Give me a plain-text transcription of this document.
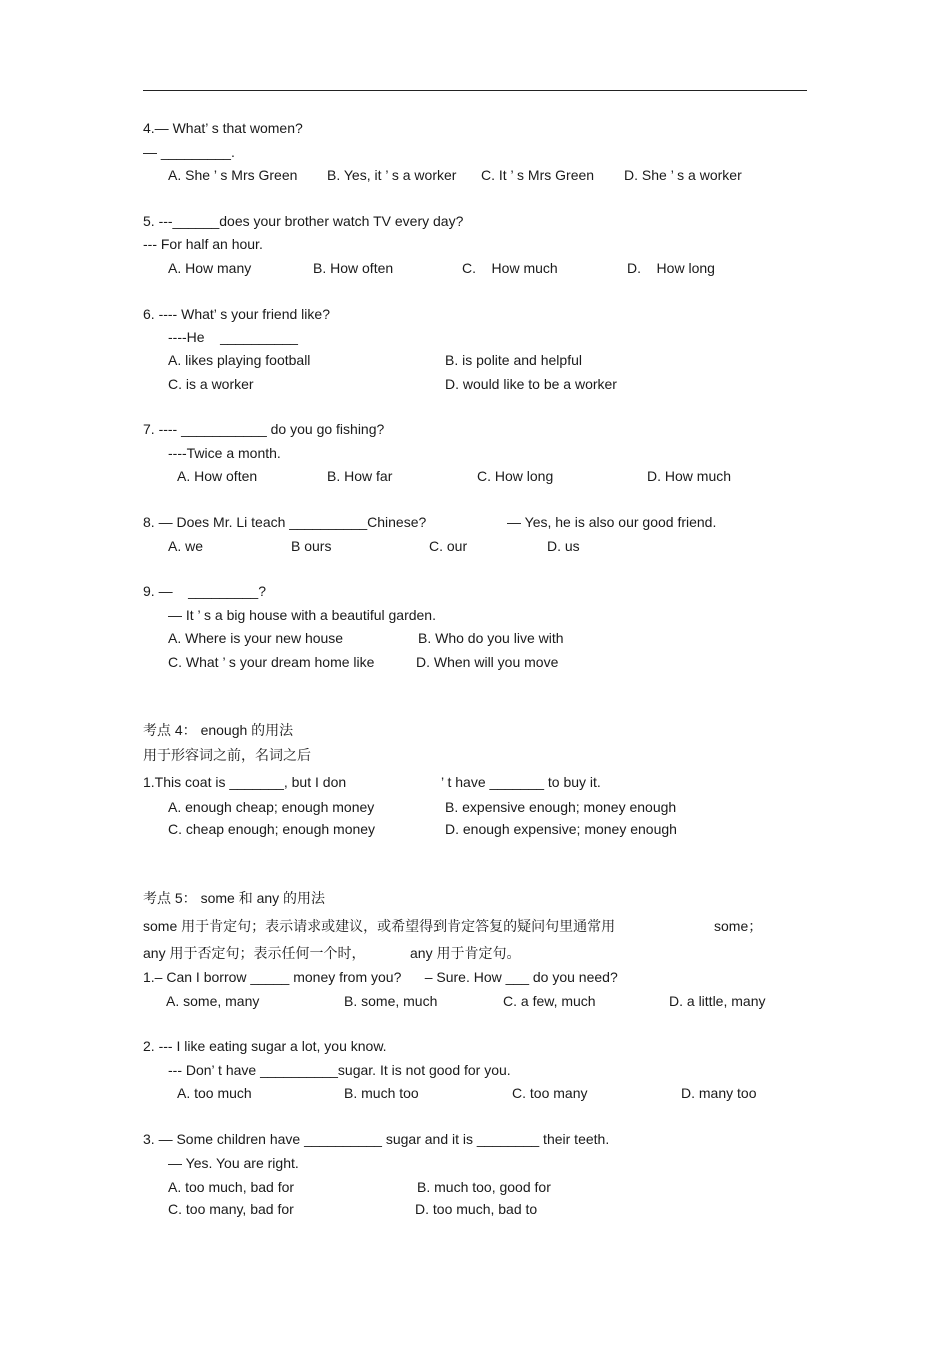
4.— What’ s that women?
— _________.
A. She ’ s Mrs Green B. Yes, it ’ s a worker C. It ’ s Mrs Green D. She ’ s a worker
5. ---______does your brother watch TV every day?
--- For half an hour.
A. How many	B. How often	C.    How much	D.    How long
6. ---- What’ s your friend like?
----He    __________
A. likes playing football	B. is polite and helpful
C. is a worker	D. would like to be a worker
7. ---- ___________ do you go fishing?
----Twice a month.
A. How often	B. How far	C. How long	D. How much
8. — Does Mr. Li teach __________Chinese?	— Yes, he is also our good friend.
A. we	B ours	C. our	D. us
9. —    _________?
— It ’ s a big house with a beautiful garden.
A. Where is your new house	B. Who do you live with
C. What ’ s your dream home like	D. When will you move
考点 4： enough 的用法
用于形容词之前，名词之后
1.This coat is _______, but I don	’ t have _______ to buy it.
A. enough cheap; enough money	B. expensive enough; money enough
C. cheap enough; enough money	D. enough expensive; money enough
考点 5： some 和 any 的用法
some 用于肯定句；表示请求或建议，或希望得到肯定答复的疑问句里通常用	some；
any 用于否定句；表示任何一个时，	any 用于肯定句。
1.– Can I borrow _____ money from you?      – Sure. How ___ do you need?
A. some, many	B. some, much	C. a few, much	D. a little, many
2. --- I like eating sugar a lot, you know.
--- Don’ t have __________sugar. It is not good for you.
A. too much	B. much too	C. too many	D. many too
3. — Some children have __________ sugar and it is ________ their teeth.
— Yes. You are right.
A. too much, bad for	B. much too, good for
C. too many, bad for	D. too much, bad to
